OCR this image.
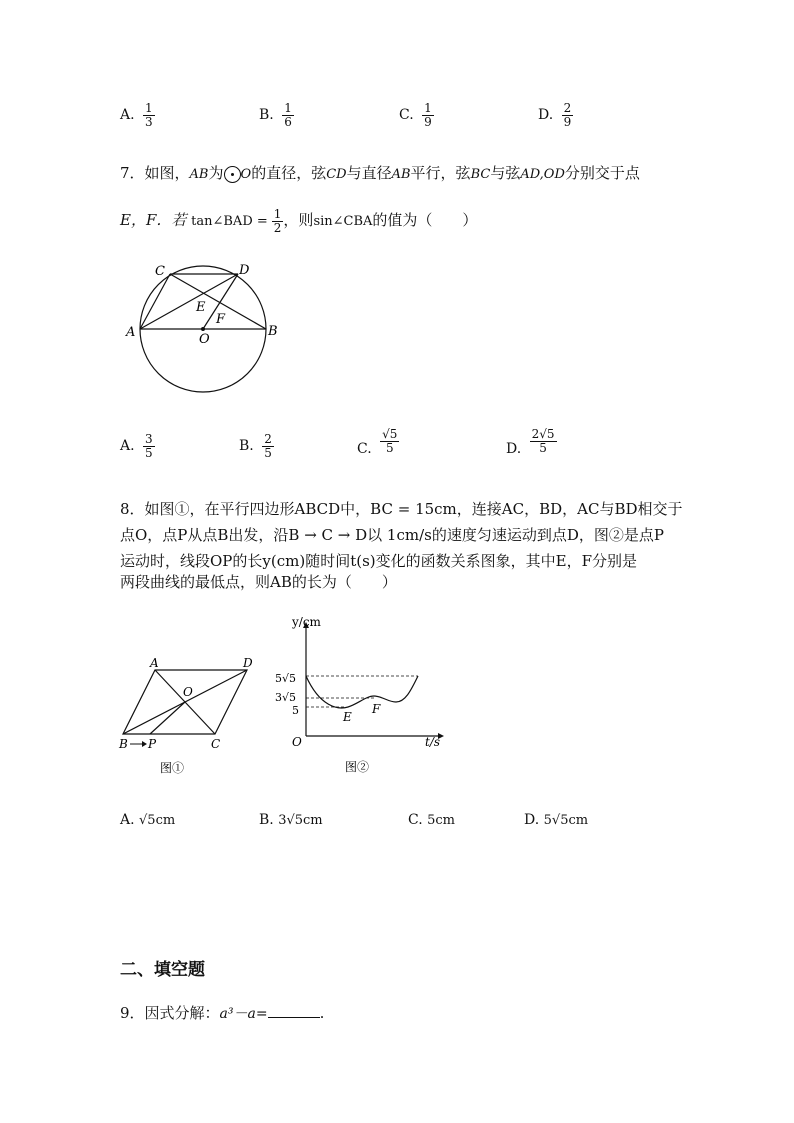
A. $\frac{1}{3}$	B. $\frac{1}{6}$	C. $\frac{1}{9}$	D. $\frac{2}{9}$
7．如图，AB为 O的直径，弦CD与直径AB平行，弦BC与弦AD,OD分别交于点
E，F．若 tan∠BAD = $\frac{1}{2}$ ，则sin∠CBA的值为（　　）
C	D
A	B
E
F
O
A. $\frac{3}{5}$	B. $\frac{2}{5}$	C. $\frac{√5}{5}$	D. $\frac{2√5}{5}$
8．如图①，在平行四边形ABCD中，BC = 15cm，连接AC，BD，AC与BD相交于
点O，点P从点B出发，沿B → C → D以 1cm/s的速度匀速运动到点D，图②是点P
运动时，线段OP的长y(cm)随时间t(s)变化的函数关系图象，其中E，F分别是
两段曲线的最低点，则AB的长为（　　）
A	D
O
B P	C
图①
y/cm
t/s
O
5√5
3√5
5	E
F
图②
A. √5cm	B. 3√5cm	C. 5cm	D. 5√5cm
二、填空题
9．因式分解：a³－a=	.
